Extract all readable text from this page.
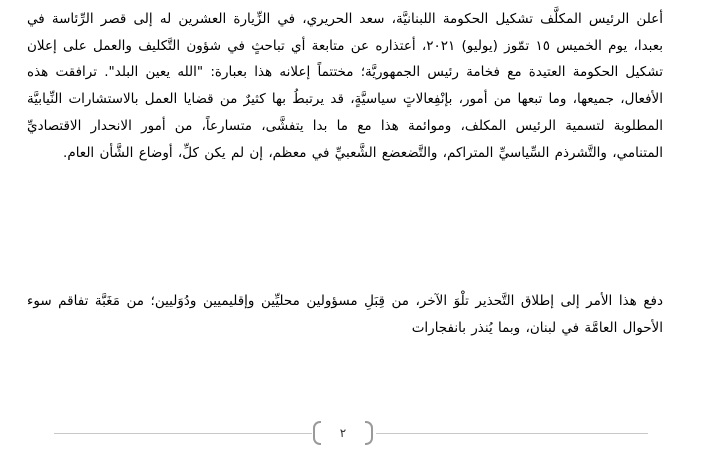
أعلن الرئيس المكلَّف تشكيل الحكومة اللبنانيَّة، سعد الحريري، في الزِّيارة العشرين له إلى قصر الرِّئاسة في بعبدا، يوم الخميس ١٥ تمّوز (يوليو) ٢٠٢١، أعتذاره عن متابعة أي تباحثٍ في شؤون التَّكليف والعمل على إعلان تشكيل الحكومة العتيدة مع فخامة رئيس الجمهوريَّة؛ مختتماً إعلانه هذا بعبارة: "الله يعين البلد". ترافقت هذه الأفعال، جميعها، وما تبعها من أمور، بإنْفِعالاتٍ سياسيَّةٍ، قد يرتبطُ بها كثيرٌ من قضايا العمل بالاستشارات النِّيابيَّة المطلوبة لتسمية الرئيس المكلف، وموائمة هذا مع ما بدا يتفشَّى، متسارعاً، من أمور الانحدار الاقتصاديِّ المتنامي، والتَّشرذم السِّياسيِّ المتراكم، والتَّضعضع الشَّعبيِّ في معظم، إن لم يكن كلِّ، أوضاع الشَّأن العام.

دفع هذا الأمر إلى إطلاق التَّحذير تلْوَ الآخر، من قِبَلِ مسؤولين محليِّين وإقليميين ودُوَليين؛ من مَغَبَّة تفاقم سوء الأحوال العامَّة في لبنان، وبما يُنذر بانفجارات

٢
